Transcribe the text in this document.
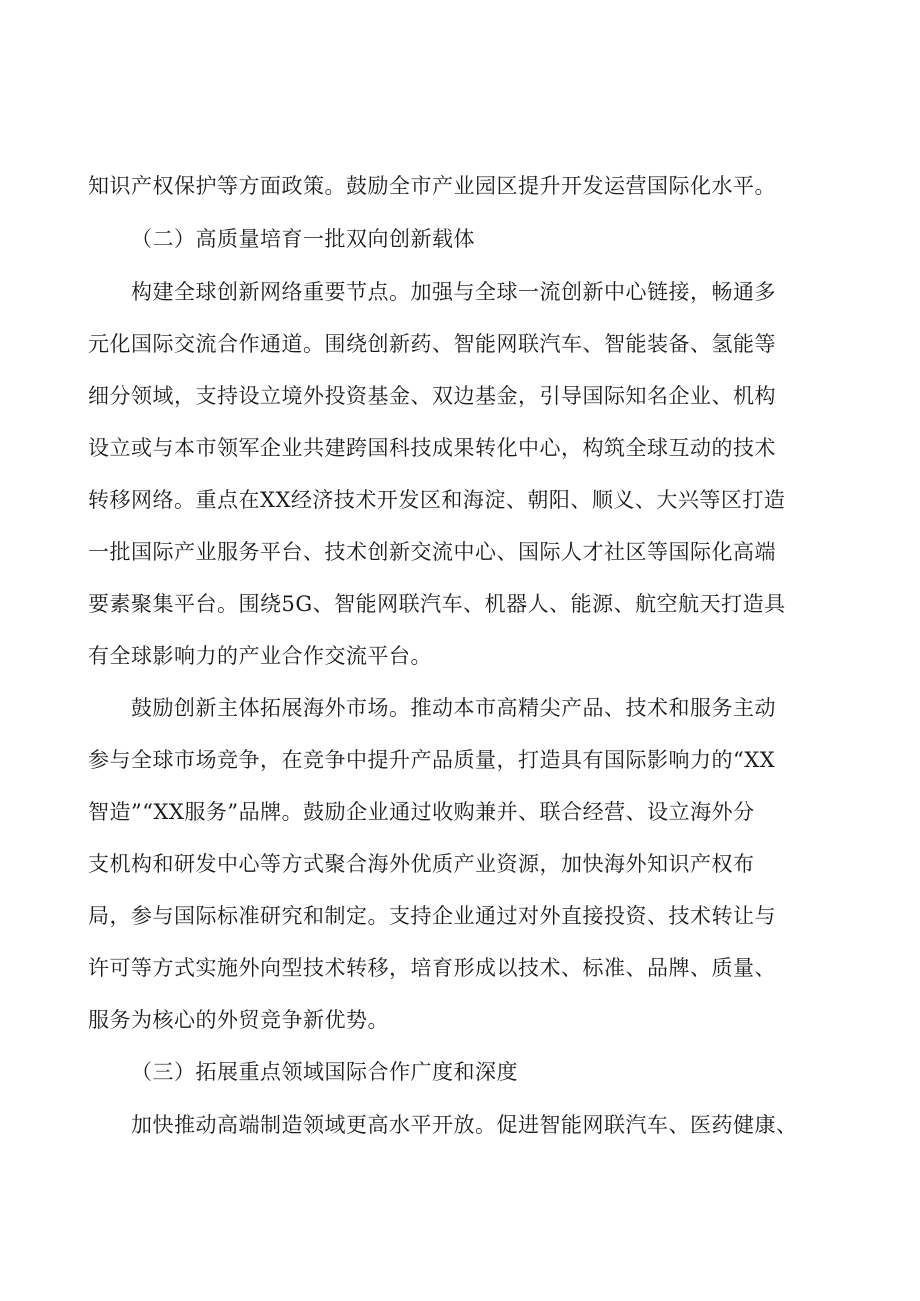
知识产权保护等方面政策。鼓励全市产业园区提升开发运营国际化水平。
（二）高质量培育一批双向创新载体
构建全球创新网络重要节点。加强与全球一流创新中心链接，畅通多
元化国际交流合作通道。围绕创新药、智能网联汽车、智能装备、氢能等
细分领域，支持设立境外投资基金、双边基金，引导国际知名企业、机构
设立或与本市领军企业共建跨国科技成果转化中心，构筑全球互动的技术
转移网络。重点在XX经济技术开发区和海淀、朝阳、顺义、大兴等区打造
一批国际产业服务平台、技术创新交流中心、国际人才社区等国际化高端
要素聚集平台。围绕5G、智能网联汽车、机器人、能源、航空航天打造具
有全球影响力的产业合作交流平台。
鼓励创新主体拓展海外市场。推动本市高精尖产品、技术和服务主动
参与全球市场竞争，在竞争中提升产品质量，打造具有国际影响力的“XX
智造”“XX服务”品牌。鼓励企业通过收购兼并、联合经营、设立海外分
支机构和研发中心等方式聚合海外优质产业资源，加快海外知识产权布
局，参与国际标准研究和制定。支持企业通过对外直接投资、技术转让与
许可等方式实施外向型技术转移，培育形成以技术、标准、品牌、质量、
服务为核心的外贸竞争新优势。
（三）拓展重点领域国际合作广度和深度
加快推动高端制造领域更高水平开放。促进智能网联汽车、医药健康、
